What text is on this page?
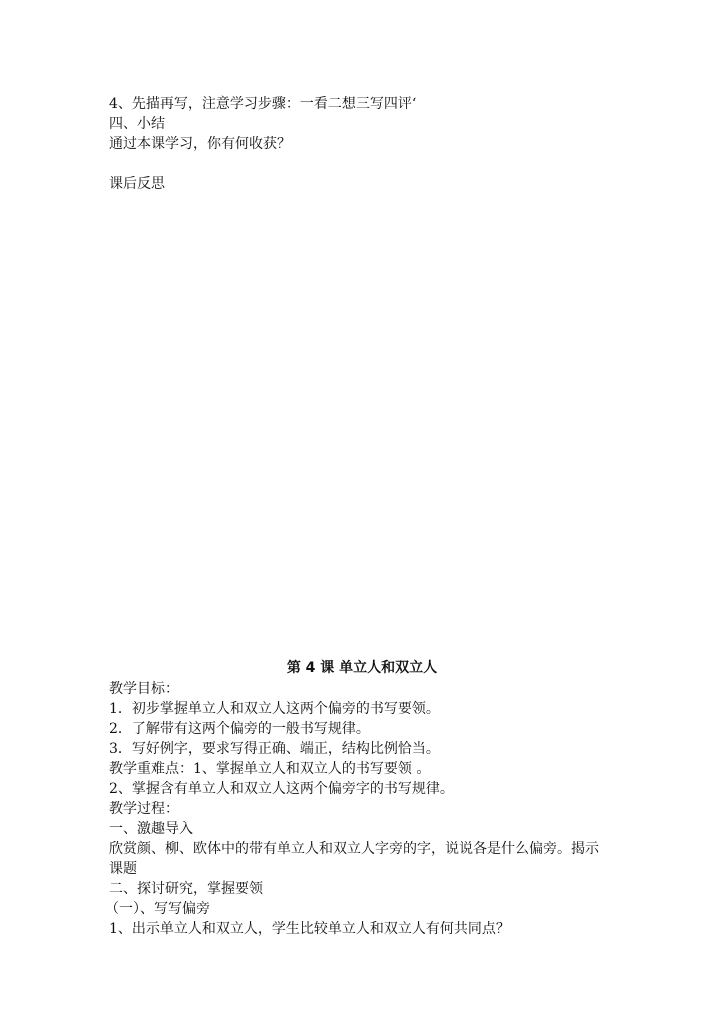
4、先描再写，注意学习步骤：一看二想三写四评‘
四、小结
通过本课学习，你有何收获？
课后反思
第 4 课 单立人和双立人
教学目标：
1．初步掌握单立人和双立人这两个偏旁的书写要领。
2．了解带有这两个偏旁的一般书写规律。
3．写好例字，要求写得正确、端正，结构比例恰当。
教学重难点：1、掌握单立人和双立人的书写要领 。
2、掌握含有单立人和双立人这两个偏旁字的书写规律。
教学过程：
一、激趣导入
欣赏颜、柳、欧体中的带有单立人和双立人字旁的字，说说各是什么偏旁。揭示
课题
二、探讨研究，掌握要领
（一）、写写偏旁
1、出示单立人和双立人，学生比较单立人和双立人有何共同点？
